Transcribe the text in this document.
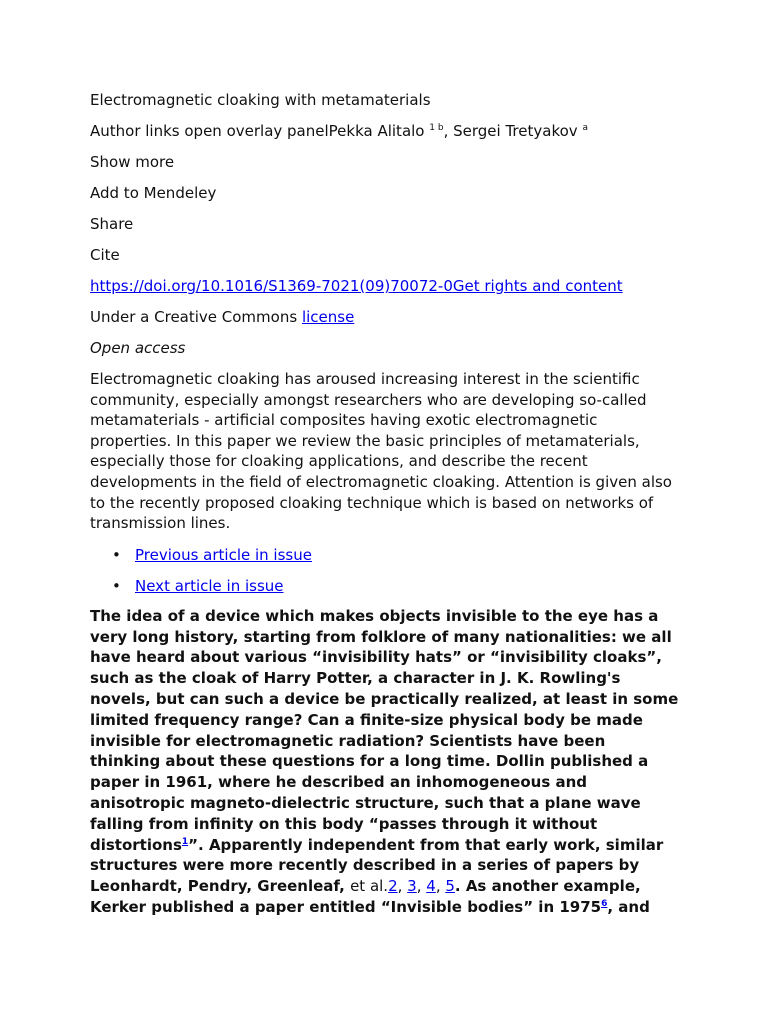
Electromagnetic cloaking with metamaterials

Author links open overlay panelPekka Alitalo $^{1 b}$, Sergei Tretyakov $^a$

Show more

Add to Mendeley

Share

Cite

https://doi.org/10.1016/S1369-7021(09)70072-0Get rights and content

Under a Creative Commons license

Open access

Electromagnetic cloaking has aroused increasing interest in the scientific community, especially amongst researchers who are developing so-called metamaterials - artificial composites having exotic electromagnetic properties. In this paper we review the basic principles of metamaterials, especially those for cloaking applications, and describe the recent developments in the field of electromagnetic cloaking. Attention is given also to the recently proposed cloaking technique which is based on networks of transmission lines.

• Previous article in issue
• Next article in issue

The idea of a device which makes objects invisible to the eye has a very long history, starting from folklore of many nationalities: we all have heard about various “invisibility hats” or “invisibility cloaks”, such as the cloak of Harry Potter, a character in J. K. Rowling's novels, but can such a device be practically realized, at least in some limited frequency range? Can a finite-size physical body be made invisible for electromagnetic radiation? Scientists have been thinking about these questions for a long time. Dollin published a paper in 1961, where he described an inhomogeneous and anisotropic magneto-dielectric structure, such that a plane wave falling from infinity on this body “passes through it without distortions$^1$”. Apparently independent from that early work, similar structures were more recently described in a series of papers by Leonhardt, Pendry, Greenleaf, et al.2, 3, 4, 5. As another example, Kerker published a paper entitled “Invisible bodies” in 1975$^6$, and
